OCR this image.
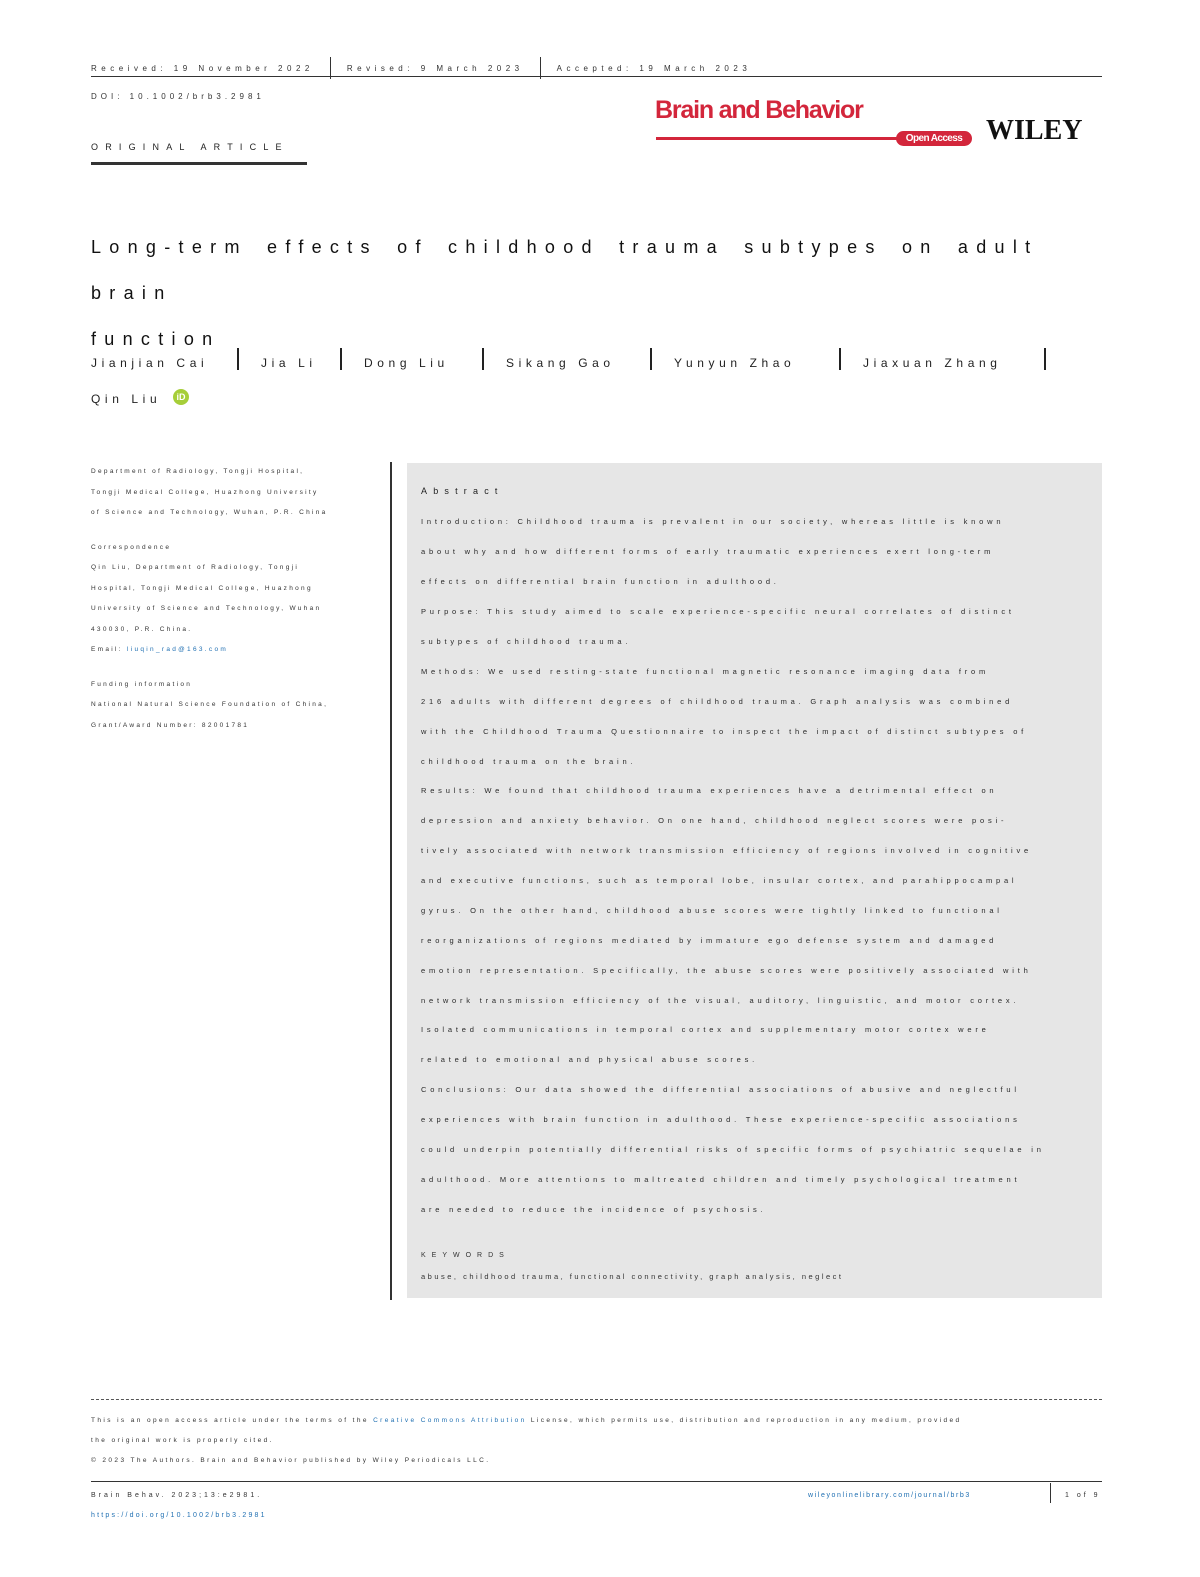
Received: 19 November 2022	Revised: 9 March 2023	Accepted: 19 March 2023
DOI: 10.1002/brb3.2981
ORIGINAL ARTICLE
Brain and Behavior
Open Access WILEY
Long-term effects of childhood trauma subtypes on adult brain
function
Jianjian Cai	Jia Li	Dong Liu	Sikang Gao	Yunyun Zhao	Jiaxuan Zhang
Qin Liu	iD

Department of Radiology, Tongji Hospital,
Tongji Medical College, Huazhong University
of Science and Technology, Wuhan, P.R. China

Correspondence
Qin Liu, Department of Radiology, Tongji
Hospital, Tongji Medical College, Huazhong
University of Science and Technology, Wuhan
430030, P.R. China.
Email: liuqin_rad@163.com

Funding information
National Natural Science Foundation of China,
Grant/Award Number: 82001781

Abstract
Introduction: Childhood trauma is prevalent in our society, whereas little is known
about why and how different forms of early traumatic experiences exert long-term
effects on differential brain function in adulthood.
Purpose: This study aimed to scale experience-specific neural correlates of distinct
subtypes of childhood trauma.
Methods: We used resting-state functional magnetic resonance imaging data from
216 adults with different degrees of childhood trauma. Graph analysis was combined
with the Childhood Trauma Questionnaire to inspect the impact of distinct subtypes of
childhood trauma on the brain.
Results: We found that childhood trauma experiences have a detrimental effect on
depression and anxiety behavior. On one hand, childhood neglect scores were posi-
tively associated with network transmission efficiency of regions involved in cognitive
and executive functions, such as temporal lobe, insular cortex, and parahippocampal
gyrus. On the other hand, childhood abuse scores were tightly linked to functional
reorganizations of regions mediated by immature ego defense system and damaged
emotion representation. Specifically, the abuse scores were positively associated with
network transmission efficiency of the visual, auditory, linguistic, and motor cortex.
Isolated communications in temporal cortex and supplementary motor cortex were
related to emotional and physical abuse scores.
Conclusions: Our data showed the differential associations of abusive and neglectful
experiences with brain function in adulthood. These experience-specific associations
could underpin potentially differential risks of specific forms of psychiatric sequelae in
adulthood. More attentions to maltreated children and timely psychological treatment
are needed to reduce the incidence of psychosis.
KEYWORDS
abuse, childhood trauma, functional connectivity, graph analysis, neglect
This is an open access article under the terms of the Creative Commons Attribution License, which permits use, distribution and reproduction in any medium, provided
the original work is properly cited.
© 2023 The Authors. Brain and Behavior published by Wiley Periodicals LLC.
Brain Behav. 2023;13:e2981.
https://doi.org/10.1002/brb3.2981
wileyonlinelibrary.com/journal/brb3	1 of 9
